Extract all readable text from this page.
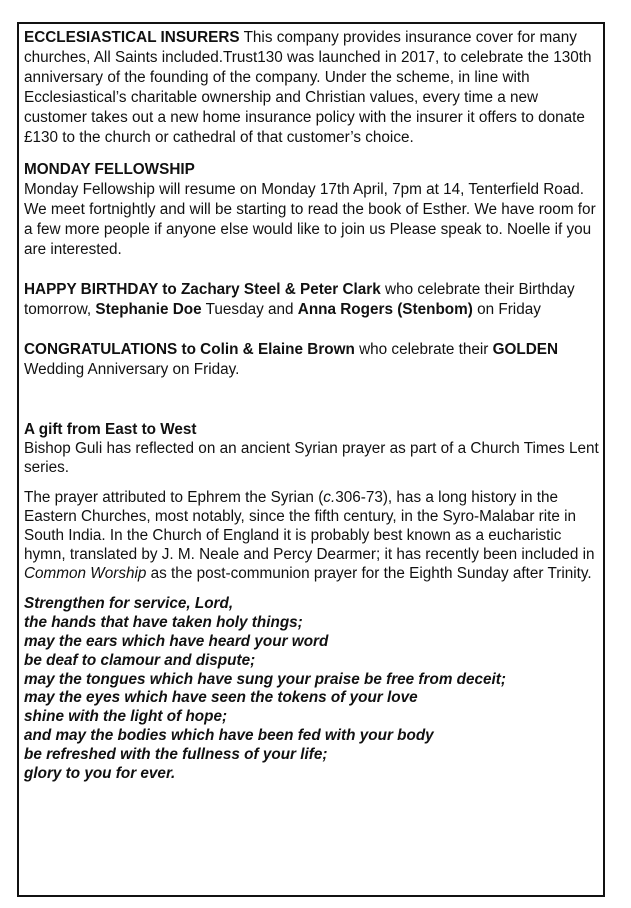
ECCLESIASTICAL INSURERS This company provides insurance cover for many churches, All Saints included.Trust130 was launched in 2017, to celebrate the 130th anniversary of the founding of the company. Under the scheme, in line with Ecclesiastical’s charitable ownership and Christian values, every time a new customer takes out a new home insurance policy with the insurer it offers to donate £130 to the church or cathedral of that customer’s choice.

MONDAY FELLOWSHIP

Monday Fellowship will resume on Monday 17th April, 7pm at 14, Tenterfield Road. We meet fortnightly and will be starting to read the book of Esther. We have room for a few more people if anyone else would like to join us Please speak to. Noelle if you are interested.

HAPPY BIRTHDAY to Zachary Steel & Peter Clark who celebrate their Birthday tomorrow, Stephanie Doe Tuesday and Anna Rogers (Stenbom) on Friday

CONGRATULATIONS to Colin & Elaine Brown who celebrate their GOLDEN Wedding Anniversary on Friday.

A gift from East to West

Bishop Guli has reflected on an ancient Syrian prayer as part of a Church Times Lent series.

The prayer attributed to Ephrem the Syrian (c.306-73), has a long history in the Eastern Churches, most notably, since the fifth century, in the Syro-Malabar rite in South India. In the Church of England it is probably best known as a eucharistic hymn, translated by J. M. Neale and Percy Dearmer; it has recently been included in Common Worship as the post-communion prayer for the Eighth Sunday after Trinity.

Strengthen for service, Lord,
the hands that have taken holy things;
may the ears which have heard your word
be deaf to clamour and dispute;
may the tongues which have sung your praise be free from deceit;
may the eyes which have seen the tokens of your love
shine with the light of hope;
and may the bodies which have been fed with your body
be refreshed with the fullness of your life;
glory to you for ever.
